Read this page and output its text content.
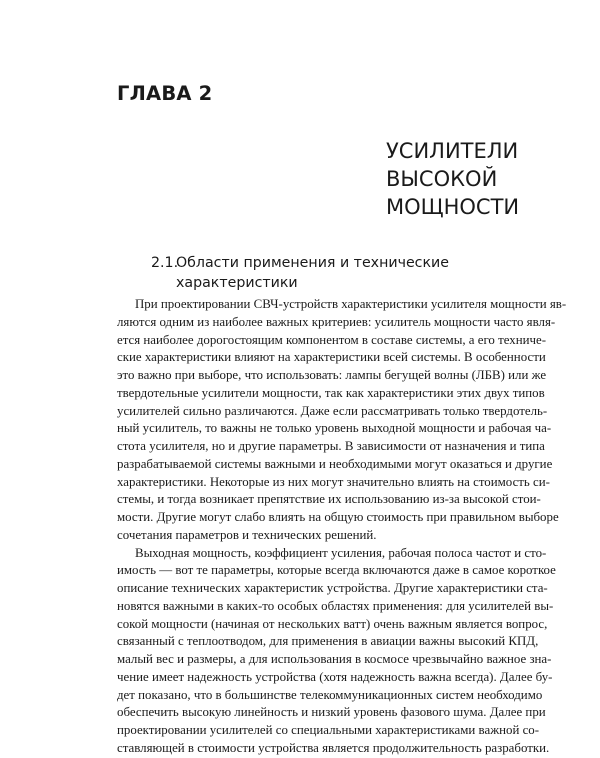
ГЛАВА 2
УСИЛИТЕЛИ
ВЫСОКОЙ
МОЩНОСТИ
2.1.Области применения и технические
характеристики
При проектировании СВЧ-устройств характеристики усилителя мощности яв-
ляются одним из наиболее важных критериев: усилитель мощности часто явля-
ется наиболее дорогостоящим компонентом в составе системы, а его техниче-
ские характеристики влияют на характеристики всей системы. В особенности
это важно при выборе, что использовать: лампы бегущей волны (ЛБВ) или же
твердотельные усилители мощности, так как характеристики этих двух типов
усилителей сильно различаются. Даже если рассматривать только твердотель-
ный усилитель, то важны не только уровень выходной мощности и рабочая ча-
стота усилителя, но и другие параметры. В зависимости от назначения и типа
разрабатываемой системы важными и необходимыми могут оказаться и другие
характеристики. Некоторые из них могут значительно влиять на стоимость си-
стемы, и тогда возникает препятствие их использованию из-за высокой стои-
мости. Другие могут слабо влиять на общую стоимость при правильном выборе
сочетания параметров и технических решений.
Выходная мощность, коэффициент усиления, рабочая полоса частот и сто-
имость — вот те параметры, которые всегда включаются даже в самое короткое
описание технических характеристик устройства. Другие характеристики ста-
новятся важными в каких-то особых областях применения: для усилителей вы-
сокой мощности (начиная от нескольких ватт) очень важным является вопрос,
связанный с теплоотводом, для применения в авиации важны высокий КПД,
малый вес и размеры, а для использования в космосе чрезвычайно важное зна-
чение имеет надежность устройства (хотя надежность важна всегда). Далее бу-
дет показано, что в большинстве телекоммуникационных систем необходимо
обеспечить высокую линейность и низкий уровень фазового шума. Далее при
проектировании усилителей со специальными характеристиками важной со-
ставляющей в стоимости устройства является продолжительность разработки.
